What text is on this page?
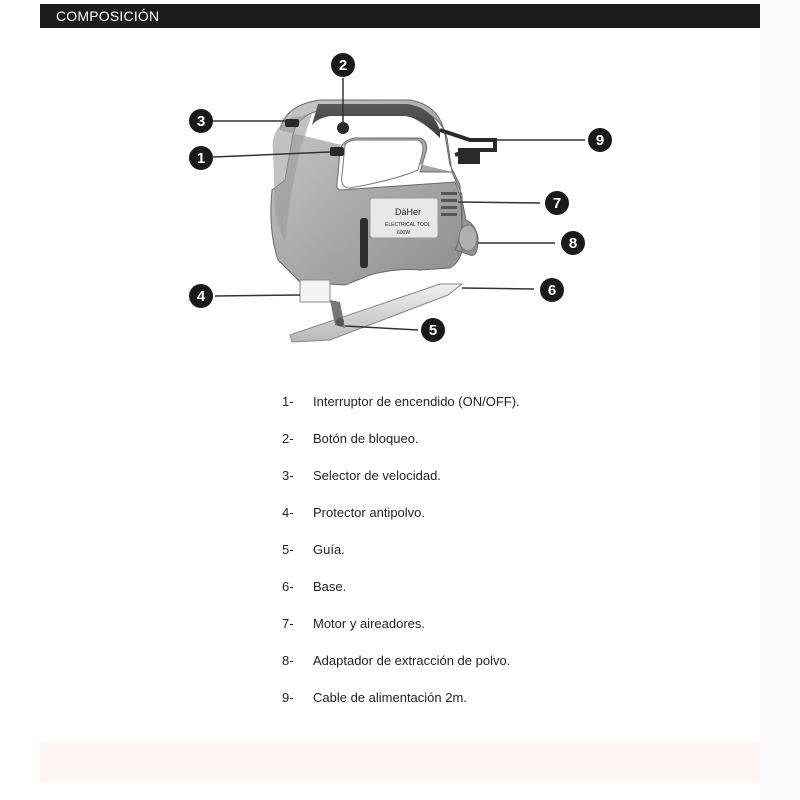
COMPOSICIÓN
DàHer
ELECTRICAL TOOL
600W
1
2
3
4
5
6
7
8
9
1-	Interruptor de encendido (ON/OFF).
2-	Botón de bloqueo.
3-	Selector de velocidad.
4-	Protector antipolvo.
5-	Guía.
6-	Base.
7-	Motor y aireadores.
8-	Adaptador de extracción de polvo.
9-	Cable de alimentación 2m.
